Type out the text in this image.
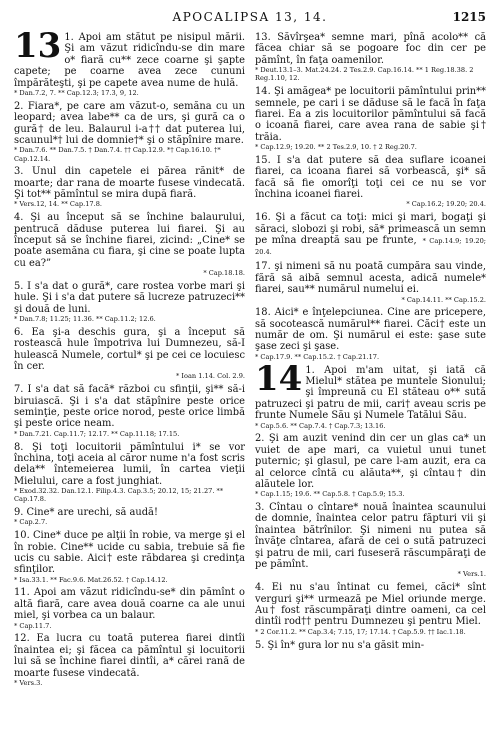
APOCALIPSA 13, 14.	1215
13 1. Apoi am stătut pe nisipul mării. Şi am văzut ridicîndu-se din mare o* fiară cu** zece coarne şi şapte capete; pe coarne avea zece cununi împărăteşti, şi pe capete avea nume de hulă.
* Dan.7.2, 7. ** Cap.12.3; 17.3, 9, 12.
2. Fiara*, pe care am văzut-o, semăna cu un leopard; avea labe** ca de urs, şi gură ca o gură† de leu. Balaurul i-a†† dat puterea lui, scaunul*† lui de domnie†* şi o stăpînire mare.
* Dan.7.6. ** Dan.7.5. † Dan.7.4. †† Cap.12.9. *† Cap.16.10. †* Cap.12.14.
3. Unul din capetele ei părea rănit* de moarte; dar rana de moarte fusese vindecată. Şi tot** pămîntul se mira după fiară.
* Vers.12, 14. ** Cap.17.8.
4. Şi au început să se închine balaurului, pentrucă dăduse puterea lui fiarei. Şi au început să se închine fiarei, zicind: „Cine* se poate asemăna cu fiara, şi cine se poate lupta cu ea?”
* Cap.18.18.
5. I s'a dat o gură*, care rostea vorbe mari şi hule. Şi i s'a dat putere să lucreze patruzeci** şi două de luni.
* Dan.7.8; 11.25; 11.36. ** Cap.11.2; 12.6.
6. Ea şi-a deschis gura, şi a început să rostească hule împotriva lui Dumnezeu, să-I hulească Numele, cortul* şi pe cei ce locuiesc în cer.
* Ioan 1.14. Col. 2.9.
7. I s'a dat să facă* război cu sfinţii, şi** să-i biruiască. Şi i s'a dat stăpînire peste orice seminţie, peste orice norod, peste orice limbă şi peste orice neam.
* Dan.7.21. Cap.11.7; 12.17. ** Cap.11.18; 17.15.
8. Şi toţi locuitorii pămîntului i* se vor închina, toţi aceia al căror nume n'a fost scris dela** întemeierea lumii, în cartea vieţii Mielului, care a fost junghiat.
* Exod.32.32. Dan.12.1. Filip.4.3. Cap.3.5; 20.12, 15; 21.27. ** Cap.17.8.
9. Cine* are urechi, să audă!
* Cap.2.7.
10. Cine* duce pe alţii în robie, va merge şi el în robie. Cine** ucide cu sabia, trebuie să fie ucis cu sabie. Aici† este răbdarea şi credinţa sfinţilor.
* Isa.33.1. ** Fac.9.6. Mat.26.52. † Cap.14.12.
11. Apoi am văzut ridicîndu-se* din pămînt o altă fiară, care avea două coarne ca ale unui miel, şi vorbea ca un balaur.
* Cap.11.7.
12. Ea lucra cu toată puterea fiarei dintîi înaintea ei; şi făcea ca pămîntul şi locuitorii lui să se închine fiarei dintîi, a* cărei rană de moarte fusese vindecată.
* Vers.3.
13. Săvîrşea* semne mari, pînă acolo** că făcea chiar să se pogoare foc din cer pe pămînt, în faţa oamenilor.
* Deut.13.1–3. Mat.24.24. 2 Tes.2.9. Cap.16.14. ** 1 Reg.18.38. 2 Reg.1.10, 12.
14. Şi amăgea* pe locuitorii pămîntului prin** semnele, pe cari i se dăduse să le facă în faţa fiarei. Ea a zis locuitorilor pămîntului să facă o icoană fiarei, care avea rana de sabie şi† trăia.
* Cap.12.9; 19.20. ** 2 Tes.2.9, 10. † 2 Reg.20.7.
15. I s'a dat putere să dea suflare icoanei fiarei, ca icoana fiarei să vorbească, şi* să facă să fie omorîţi toţi cei ce nu se vor închina icoanei fiarei.
* Cap.16.2; 19.20; 20.4.
16. Şi a făcut ca toţi: mici şi mari, bogaţi şi săraci, slobozi şi robi, să* primească un semn pe mîna dreaptă sau pe frunte, * Cap.14.9; 19.20; 20.4.
17. şi nimeni să nu poată cumpăra sau vinde, fără să aibă semnul acesta, adică numele* fiarei, sau** numărul numelui ei.
* Cap.14.11. ** Cap.15.2.
18. Aici* e înţelepciunea. Cine are pricepere, să socotească numărul** fiarei. Căci† este un număr de om. Şi numărul ei este: şase sute şase zeci şi şase.
* Cap.17.9. ** Cap.15.2. † Cap.21.17.
14 1. Apoi m'am uitat, şi iată că Mielul* stătea pe muntele Sionului; şi împreună cu El stăteau o** sută patruzeci şi patru de mii, cari† aveau scris pe frunte Numele Său şi Numele Tatălui Său.
* Cap.5.6. ** Cap.7.4. † Cap.7.3; 13.16.
2. Şi am auzit venind din cer un glas ca* un vuiet de ape mari, ca vuietul unui tunet puternic; şi glasul, pe care l-am auzit, era ca al celorce cîntă cu alăuta**, şi cîntau† din alăutele lor.
* Cap.1.15; 19.6. ** Cap.5.8. † Cap.5.9; 15.3.
3. Cîntau o cîntare* nouă înaintea scaunului de domnie, înaintea celor patru făpturi vii şi înaintea bătrînilor. Şi nimeni nu putea să învăţe cîntarea, afară de cei o sută patruzeci şi patru de mii, cari fuseseră răscumpăraţi de pe pămînt.
* Vers.1.
4. Ei nu s'au întinat cu femei, căci* sînt verguri şi** urmează pe Miel oriunde merge. Au† fost răscumpăraţi dintre oameni, ca cel dintîi rod†† pentru Dumnezeu şi pentru Miel.
* 2 Cor.11.2. ** Cap.3.4; 7.15, 17; 17.14. † Cap.5.9. †† Iac.1.18.
5. Şi în* gura lor nu s'a găsit min-
